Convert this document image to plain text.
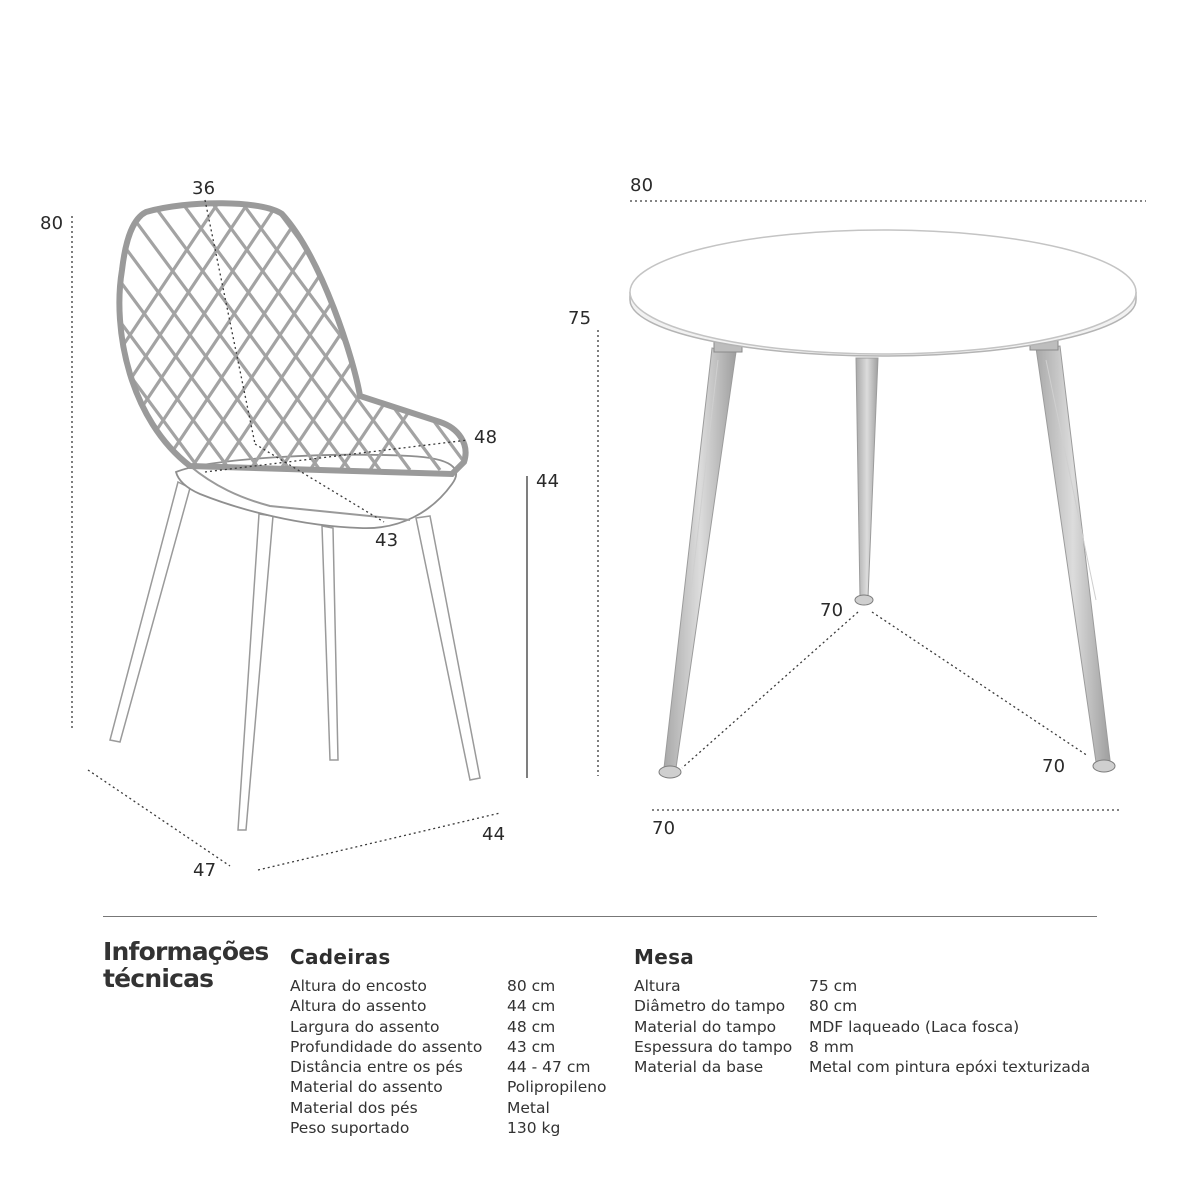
80
36
48
43
44
44
47
80
75
70
70
70
Informações
técnicas
Cadeiras	Mesa
Altura do encosto	80 cm
Altura do assento	44 cm
Largura do assento	48 cm
Profundidade do assento 43 cm
Distância entre os pés	44 - 47 cm
Material do assento	Polipropileno
Material dos pés	Metal
Peso suportado	130 kg
Altura	75 cm
Diâmetro do tampo 80 cm
Material do tampo MDF laqueado (Laca fosca)
Espessura do tampo 8 mm
Material da base	Metal com pintura epóxi texturizada
